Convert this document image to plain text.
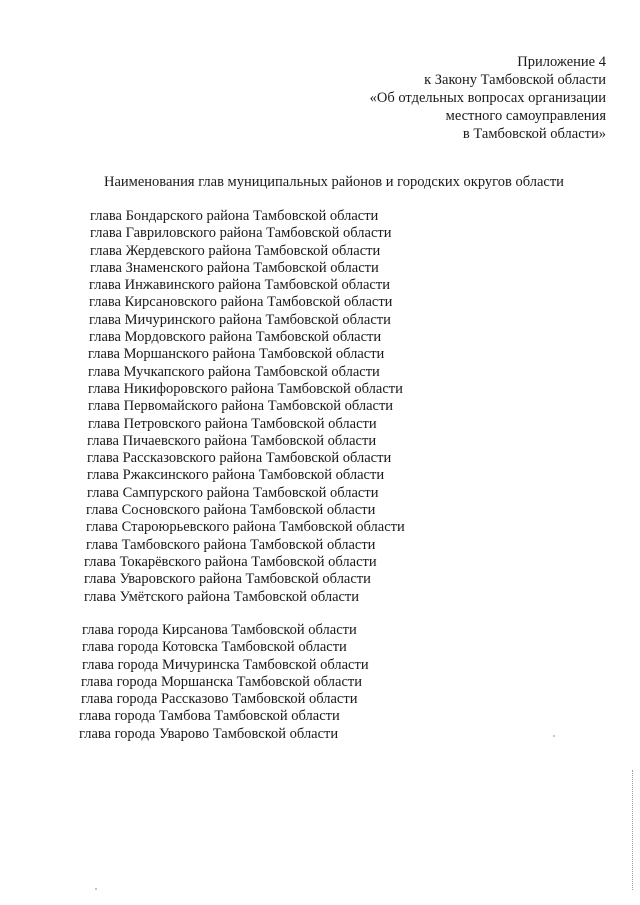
Приложение 4
к Закону Тамбовской области
«Об отдельных вопросах организации
местного самоуправления
в Тамбовской области»
Наименования глав муниципальных районов и городских округов области
глава Бондарского района Тамбовской области
глава Гавриловского района Тамбовской области
глава Жердевского района Тамбовской области
глава Знаменского района Тамбовской области
глава Инжавинского района Тамбовской области
глава Кирсановского района Тамбовской области
глава Мичуринского района Тамбовской области
глава Мордовского района Тамбовской области
глава Моршанского района Тамбовской области
глава Мучкапского района Тамбовской области
глава Никифоровского района Тамбовской области
глава Первомайского района Тамбовской области
глава Петровского района Тамбовской области
глава Пичаевского района Тамбовской области
глава Рассказовского района Тамбовской области
глава Ржаксинского района Тамбовской области
глава Сампурского района Тамбовской области
глава Сосновского района Тамбовской области
глава Староюрьевского района Тамбовской области
глава Тамбовского района Тамбовской области
глава Токарёвского района Тамбовской области
глава Уваровского района Тамбовской области
глава Умётского района Тамбовской области
глава города Кирсанова Тамбовской области
глава города Котовска Тамбовской области
глава города Мичуринска Тамбовской области
глава города Моршанска Тамбовской области
глава города Рассказово Тамбовской области
глава города Тамбова Тамбовской области
глава города Уварово Тамбовской области
